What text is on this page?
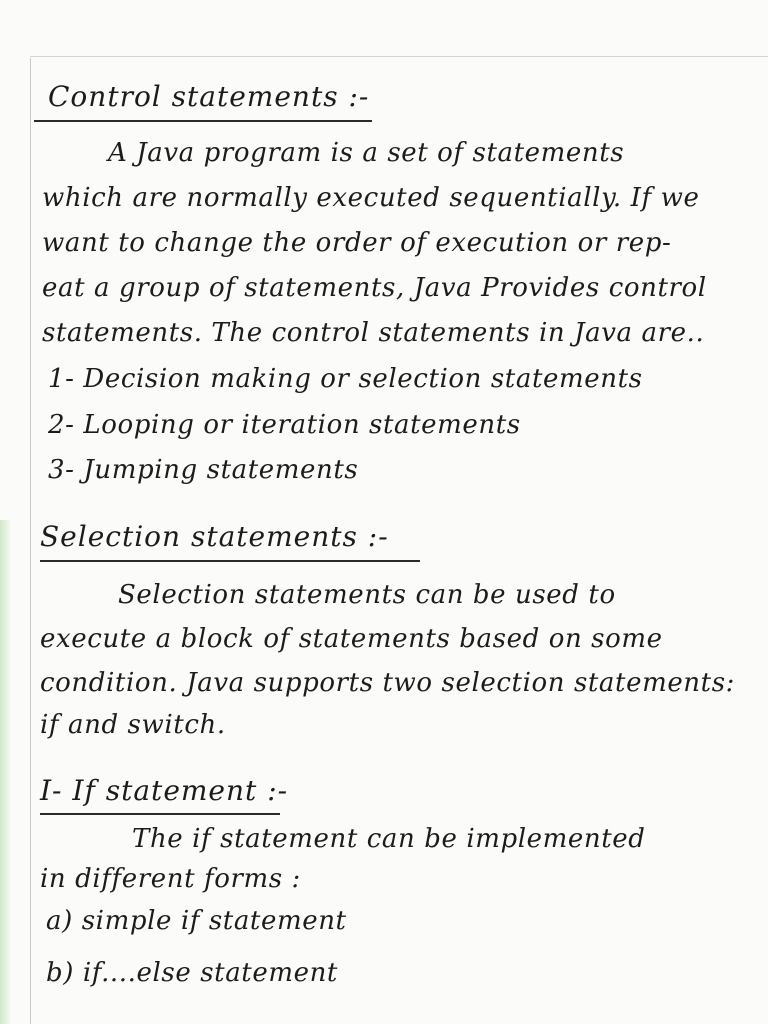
Control statements :-
A Java program is a set of statements
which are normally executed sequentially. If we
want to change the order of execution or rep-
eat a group of statements, Java Provides control
statements. The control statements in Java are..
1- Decision making or selection statements
2- Looping or iteration statements
3- Jumping statements
Selection statements :-
Selection statements can be used to
execute a block of statements based on some
condition. Java supports two selection statements:
if and switch.
I- If statement :-
The if statement can be implemented
in different forms :
a) simple if statement
b) if....else statement
